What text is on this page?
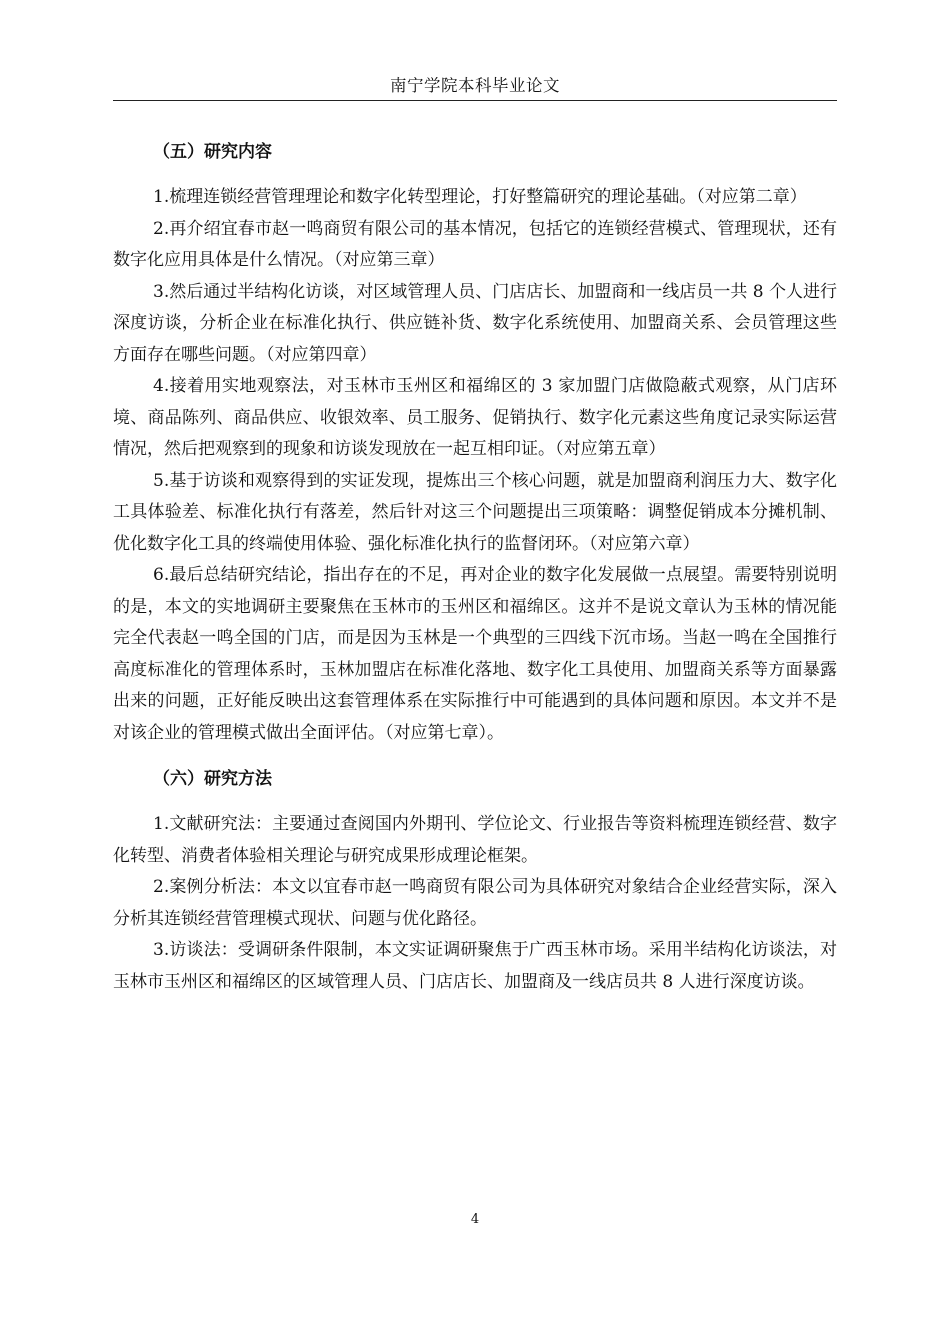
南宁学院本科毕业论文

（五）研究内容

1.梳理连锁经营管理理论和数字化转型理论，打好整篇研究的理论基础。（对应第二章）

2.再介绍宜春市赵一鸣商贸有限公司的基本情况，包括它的连锁经营模式、管理现状，还有数字化应用具体是什么情况。（对应第三章）

3.然后通过半结构化访谈，对区域管理人员、门店店长、加盟商和一线店员一共 8 个人进行深度访谈，分析企业在标准化执行、供应链补货、数字化系统使用、加盟商关系、会员管理这些方面存在哪些问题。（对应第四章）

4.接着用实地观察法，对玉林市玉州区和福绵区的 3 家加盟门店做隐蔽式观察，从门店环境、商品陈列、商品供应、收银效率、员工服务、促销执行、数字化元素这些角度记录实际运营情况，然后把观察到的现象和访谈发现放在一起互相印证。（对应第五章）

5.基于访谈和观察得到的实证发现，提炼出三个核心问题，就是加盟商利润压力大、数字化工具体验差、标准化执行有落差，然后针对这三个问题提出三项策略：调整促销成本分摊机制、优化数字化工具的终端使用体验、强化标准化执行的监督闭环。（对应第六章）

6.最后总结研究结论，指出存在的不足，再对企业的数字化发展做一点展望。需要特别说明的是，本文的实地调研主要聚焦在玉林市的玉州区和福绵区。这并不是说文章认为玉林的情况能完全代表赵一鸣全国的门店，而是因为玉林是一个典型的三四线下沉市场。当赵一鸣在全国推行高度标准化的管理体系时，玉林加盟店在标准化落地、数字化工具使用、加盟商关系等方面暴露出来的问题，正好能反映出这套管理体系在实际推行中可能遇到的具体问题和原因。本文并不是对该企业的管理模式做出全面评估。（对应第七章）。

（六）研究方法

1.文献研究法：主要通过查阅国内外期刊、学位论文、行业报告等资料梳理连锁经营、数字化转型、消费者体验相关理论与研究成果形成理论框架。

2.案例分析法：本文以宜春市赵一鸣商贸有限公司为具体研究对象结合企业经营实际，深入分析其连锁经营管理模式现状、问题与优化路径。

3.访谈法：受调研条件限制，本文实证调研聚焦于广西玉林市场。采用半结构化访谈法，对玉林市玉州区和福绵区的区域管理人员、门店店长、加盟商及一线店员共 8 人进行深度访谈。

4
